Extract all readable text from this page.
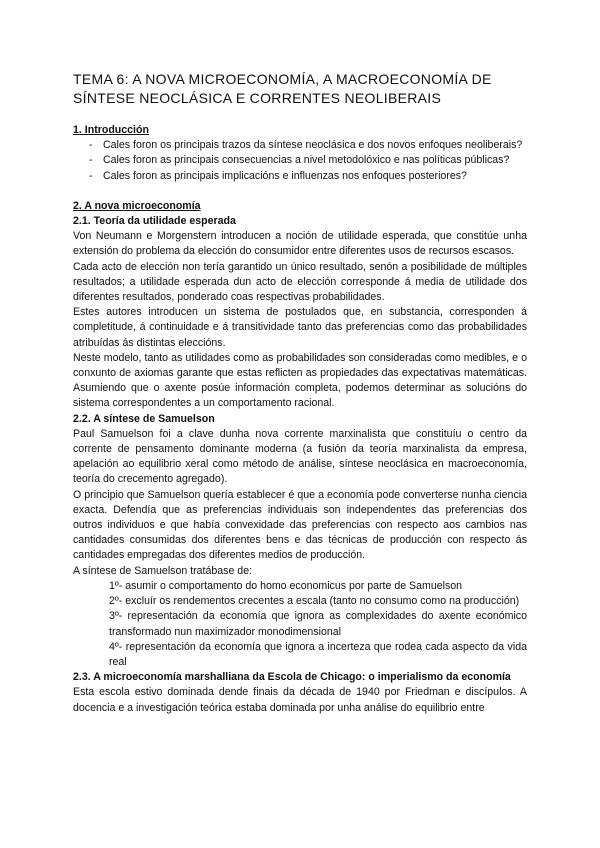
TEMA 6: A NOVA MICROECONOMÍA, A MACROECONOMÍA DE SÍNTESE NEOCLÁSICA E CORRENTES NEOLIBERAIS
1. Introducción
- Cales foron os principais trazos da síntese neoclásica e dos novos enfoques neoliberais?
- Cales foron as principais consecuencias a nivel metodolóxico e nas políticas públicas?
- Cales foron as principais implicacións e influenzas nos enfoques posteriores?
2. A nova microeconomía
2.1. Teoría da utilidade esperada

Von Neumann e Morgenstern introducen a noción de utilidade esperada, que constitúe unha extensión do problema da elección do consumidor entre diferentes usos de recursos escasos.

Cada acto de elección non tería garantido un único resultado, senón a posibilidade de múltiples resultados; a utilidade esperada dun acto de elección corresponde á media de utilidade dos diferentes resultados, ponderado coas respectivas probabilidades.

Estes autores introducen un sistema de postulados que, en substancia, corresponden á completitude, á continuidade e á transitividade tanto das preferencias como das probabilidades atribuídas ás distintas eleccións.

Neste modelo, tanto as utilidades como as probabilidades son consideradas como medibles, e o conxunto de axiomas garante que estas reflicten as propiedades das expectativas matemáticas. Asumiendo que o axente posúe información completa, podemos determinar as solucións do sistema correspondentes a un comportamento racional.

2.2. A síntese de Samuelson

Paul Samuelson foi a clave dunha nova corrente marxinalista que constituíu o centro da corrente de pensamento dominante moderna (a fusión da teoría marxinalista da empresa, apelación ao equilibrio xeral como método de análise, síntese neoclásica en macroeconomía, teoría do crecemento agregado).

O principio que Samuelson quería establecer é que a economía pode converterse nunha ciencia exacta. Defendía que as preferencias individuais son independentes das preferencias dos outros individuos e que había convexidade das preferencias con respecto aos cambios nas cantidades consumidas dos diferentes bens e das técnicas de producción con respecto ás cantidades empregadas dos diferentes medios de producción.

A síntese de Samuelson tratábase de:

1º- asumir o comportamento do homo economicus por parte de Samuelson

2º- excluír os rendementos crecentes a escala (tanto no consumo como na producción)

3º- representación da economía que ignora as complexidades do axente económico transformado nun maximizador monodimensional

4º- representación da economía que ignora a incerteza que rodea cada aspecto da vida real

2.3. A microeconomía marshalliana da Escola de Chicago: o imperialismo da economía

Esta escola estivo dominada dende finais da década de 1940 por Friedman e discípulos. A docencia e a investigación teórica estaba dominada por unha análise do equilibrio entre
